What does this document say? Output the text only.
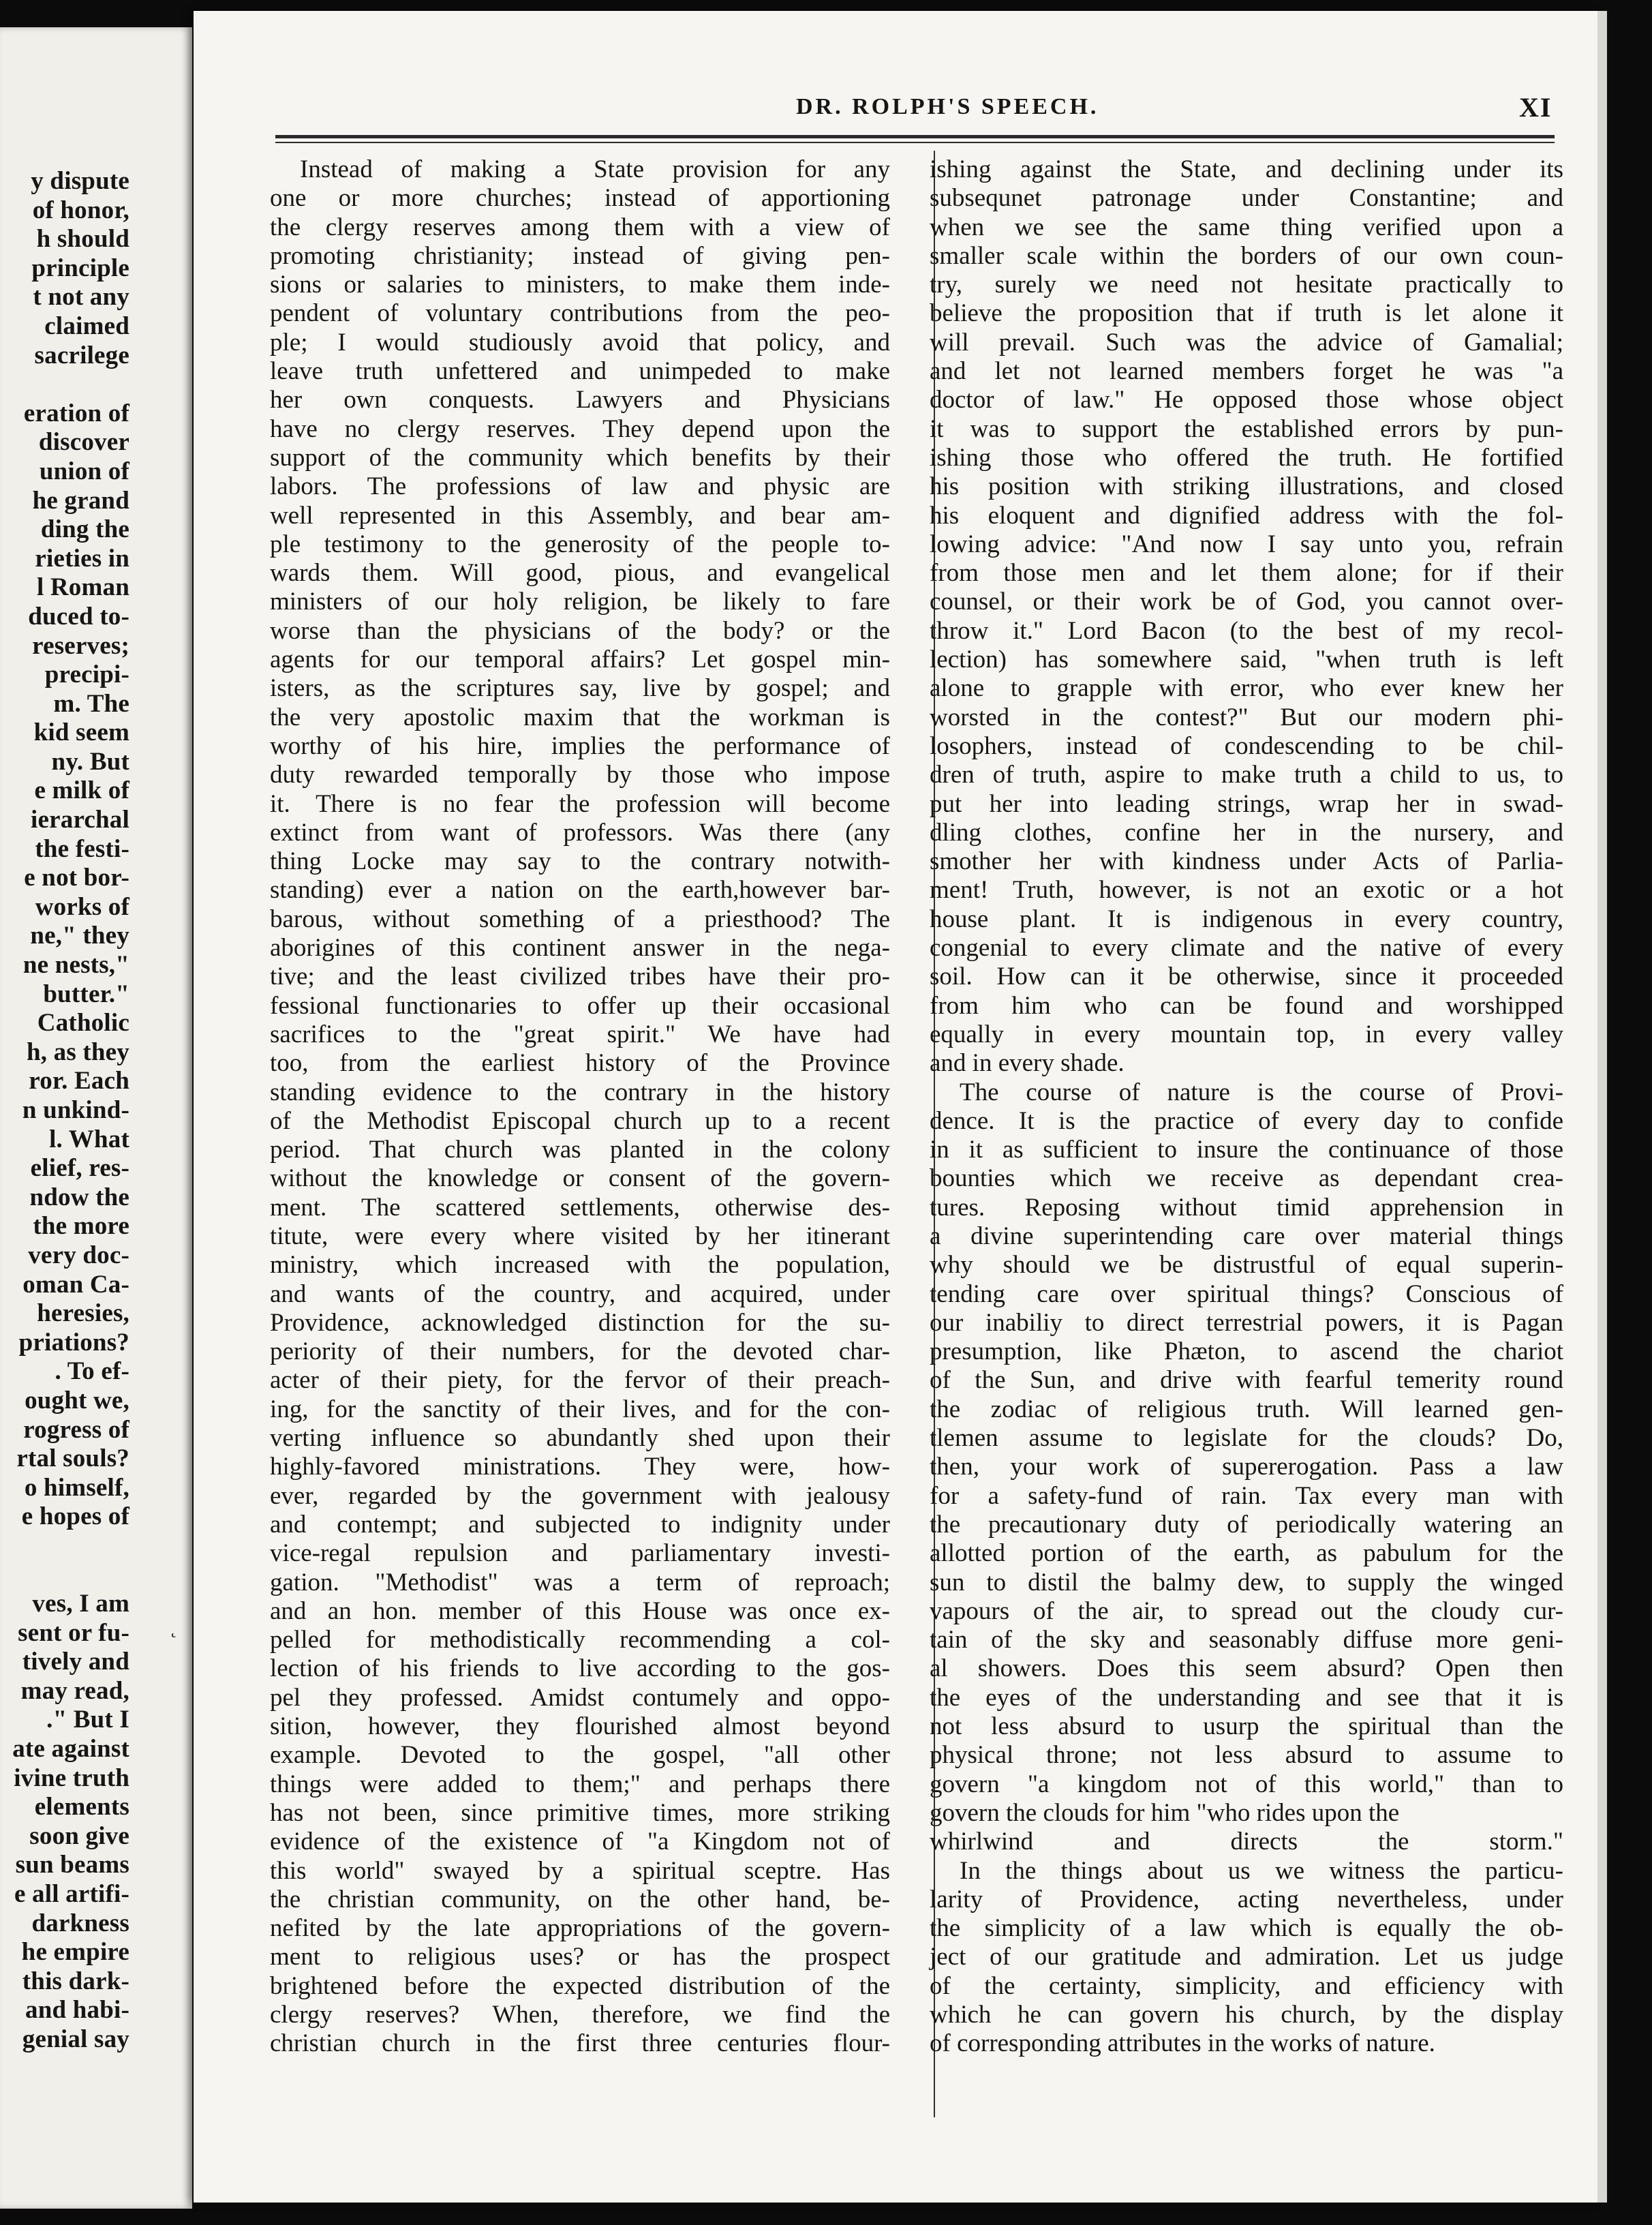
y dispute
of honor,
h should
principle
t not any
claimed
sacrilege

eration of
discover
union of
he grand
ding the
rieties in
l Roman
duced to-
reserves;
precipi-
m. The
kid seem
ny. But
e milk of
ierarchal
the festi-
e not bor-
works of
ne," they
ne nests,"
butter."
Catholic
h, as they
ror. Each
n unkind-
l. What
elief, res-
ndow the
the more
very doc-
oman Ca-
heresies,
priations?
. To ef-
ought we,
rogress of
rtal souls?
o himself,
e hopes of

ves, I am
sent or fu-
tively and
may read,
." But I
ate against
ivine truth
elements
soon give
sun beams
e all artifi-
darkness
he empire
this dark-
and habi-
genial say
˛
DR. ROLPH'S SPEECH.	XI
Instead of making a State provision for any
one or more churches; instead of apportioning
the clergy reserves among them with a view of
promoting christianity; instead of giving pen-
sions or salaries to ministers, to make them inde-
pendent of voluntary contributions from the peo-
ple; I would studiously avoid that policy, and
leave truth unfettered and unimpeded to make
her own conquests. Lawyers and Physicians
have no clergy reserves. They depend upon the
support of the community which benefits by their
labors. The professions of law and physic are
well represented in this Assembly, and bear am-
ple testimony to the generosity of the people to-
wards them. Will good, pious, and evangelical
ministers of our holy religion, be likely to fare
worse than the physicians of the body? or the
agents for our temporal affairs? Let gospel min-
isters, as the scriptures say, live by gospel; and
the very apostolic maxim that the workman is
worthy of his hire, implies the performance of
duty rewarded temporally by those who impose
it. There is no fear the profession will become
extinct from want of professors. Was there (any
thing Locke may say to the contrary notwith-
standing) ever a nation on the earth,however bar-
barous, without something of a priesthood? The
aborigines of this continent answer in the nega-
tive; and the least civilized tribes have their pro-
fessional functionaries to offer up their occasional
sacrifices to the "great spirit." We have had
too, from the earliest history of the Province
standing evidence to the contrary in the history
of the Methodist Episcopal church up to a recent
period. That church was planted in the colony
without the knowledge or consent of the govern-
ment. The scattered settlements, otherwise des-
titute, were every where visited by her itinerant
ministry, which increased with the population,
and wants of the country, and acquired, under
Providence, acknowledged distinction for the su-
periority of their numbers, for the devoted char-
acter of their piety, for the fervor of their preach-
ing, for the sanctity of their lives, and for the con-
verting influence so abundantly shed upon their
highly-favored ministrations. They were, how-
ever, regarded by the government with jealousy
and contempt; and subjected to indignity under
vice-regal repulsion and parliamentary investi-
gation. "Methodist" was a term of reproach;
and an hon. member of this House was once ex-
pelled for methodistically recommending a col-
lection of his friends to live according to the gos-
pel they professed. Amidst contumely and oppo-
sition, however, they flourished almost beyond
example. Devoted to the gospel, "all other
things were added to them;" and perhaps there
has not been, since primitive times, more striking
evidence of the existence of "a Kingdom not of
this world" swayed by a spiritual sceptre. Has
the christian community, on the other hand, be-
nefited by the late appropriations of the govern-
ment to religious uses? or has the prospect
brightened before the expected distribution of the
clergy reserves? When, therefore, we find the
christian church in the first three centuries flour-
ishing against the State, and declining under its
subsequnet patronage under Constantine; and
when we see the same thing verified upon a
smaller scale within the borders of our own coun-
try, surely we need not hesitate practically to
believe the proposition that if truth is let alone it
will prevail. Such was the advice of Gamalial;
and let not learned members forget he was "a
doctor of law." He opposed those whose object
it was to support the established errors by pun-
ishing those who offered the truth. He fortified
his position with striking illustrations, and closed
his eloquent and dignified address with the fol-
lowing advice: "And now I say unto you, refrain
from those men and let them alone; for if their
counsel, or their work be of God, you cannot over-
throw it." Lord Bacon (to the best of my recol-
lection) has somewhere said, "when truth is left
alone to grapple with error, who ever knew her
worsted in the contest?" But our modern phi-
losophers, instead of condescending to be chil-
dren of truth, aspire to make truth a child to us, to
put her into leading strings, wrap her in swad-
dling clothes, confine her in the nursery, and
smother her with kindness under Acts of Parlia-
ment! Truth, however, is not an exotic or a hot
house plant. It is indigenous in every country,
congenial to every climate and the native of every
soil. How can it be otherwise, since it proceeded
from him who can be found and worshipped
equally in every mountain top, in every valley
and in every shade.
The course of nature is the course of Provi-
dence. It is the practice of every day to confide
in it as sufficient to insure the continuance of those
bounties which we receive as dependant crea-
tures. Reposing without timid apprehension in
a divine superintending care over material things
why should we be distrustful of equal superin-
tending care over spiritual things? Conscious of
our inabiliy to direct terrestrial powers, it is Pagan
presumption, like Phæton, to ascend the chariot
of the Sun, and drive with fearful temerity round
the zodiac of religious truth. Will learned gen-
tlemen assume to legislate for the clouds? Do,
then, your work of supererogation. Pass a law
for a safety-fund of rain. Tax every man with
the precautionary duty of periodically watering an
allotted portion of the earth, as pabulum for the
sun to distil the balmy dew, to supply the winged
vapours of the air, to spread out the cloudy cur-
tain of the sky and seasonably diffuse more geni-
al showers. Does this seem absurd? Open then
the eyes of the understanding and see that it is
not less absurd to usurp the spiritual than the
physical throne; not less absurd to assume to
govern "a kingdom not of this world," than to
govern the clouds for him "who rides upon the
whirlwind and directs the storm."
In the things about us we witness the particu-
larity of Providence, acting nevertheless, under
the simplicity of a law which is equally the ob-
ject of our gratitude and admiration. Let us judge
of the certainty, simplicity, and efficiency with
which he can govern his church, by the display
of corresponding attributes in the works of nature.
